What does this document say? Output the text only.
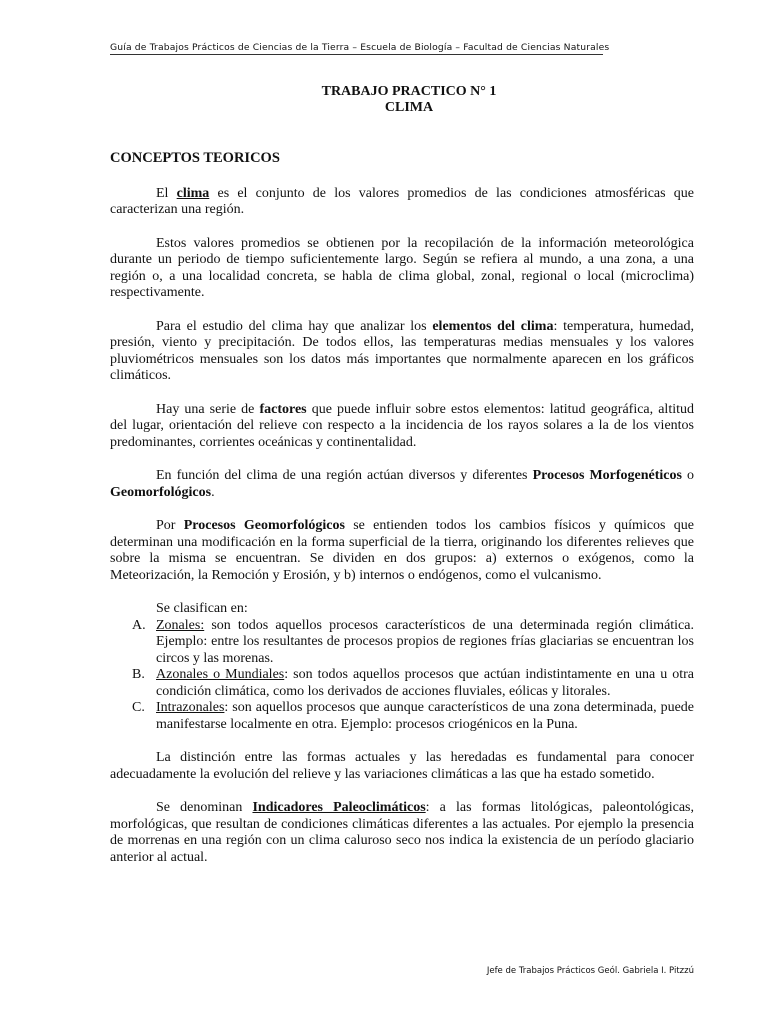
Guía de Trabajos Prácticos de Ciencias de la Tierra – Escuela de Biología – Facultad de Ciencias Naturales
TRABAJO PRACTICO N° 1
CLIMA
CONCEPTOS TEORICOS

El clima es el conjunto de los valores promedios de las condiciones atmosféricas que caracterizan una región.

Estos valores promedios se obtienen por la recopilación de la información meteorológica durante un periodo de tiempo suficientemente largo. Según se refiera al mundo, a una zona, a una región o, a una localidad concreta, se habla de clima global, zonal, regional o local (microclima) respectivamente.

Para el estudio del clima hay que analizar los elementos del clima: temperatura, humedad, presión, viento y precipitación. De todos ellos, las temperaturas medias mensuales y los valores pluviométricos mensuales son los datos más importantes que normalmente aparecen en los gráficos climáticos.

Hay una serie de factores que puede influir sobre estos elementos: latitud geográfica, altitud del lugar, orientación del relieve con respecto a la incidencia de los rayos solares a la de los vientos predominantes, corrientes oceánicas y continentalidad.

En función del clima de una región actúan diversos y diferentes Procesos Morfogenéticos o Geomorfológicos.

Por Procesos Geomorfológicos se entienden todos los cambios físicos y químicos que determinan una modificación en la forma superficial de la tierra, originando los diferentes relieves que sobre la misma se encuentran. Se dividen en dos grupos: a) externos o exógenos, como la Meteorización, la Remoción y Erosión, y b) internos o endógenos, como el vulcanismo.

Se clasifican en:

A. Zonales: son todos aquellos procesos característicos de una determinada región climática. Ejemplo: entre los resultantes de procesos propios de regiones frías glaciarias se encuentran los circos y las morenas.
B. Azonales o Mundiales: son todos aquellos procesos que actúan indistintamente en una u otra condición climática, como los derivados de acciones fluviales, eólicas y litorales.
C. Intrazonales: son aquellos procesos que aunque característicos de una zona determinada, puede manifestarse localmente en otra. Ejemplo: procesos criogénicos en la Puna.

La distinción entre las formas actuales y las heredadas es fundamental para conocer adecuadamente la evolución del relieve y las variaciones climáticas a las que ha estado sometido.

Se denominan Indicadores Paleoclimáticos: a las formas litológicas, paleontológicas, morfológicas, que resultan de condiciones climáticas diferentes a las actuales. Por ejemplo la presencia de morrenas en una región con un clima caluroso seco nos indica la existencia de un período glaciario anterior al actual.

Jefe de Trabajos Prácticos Geól. Gabriela I. Pitzzú
